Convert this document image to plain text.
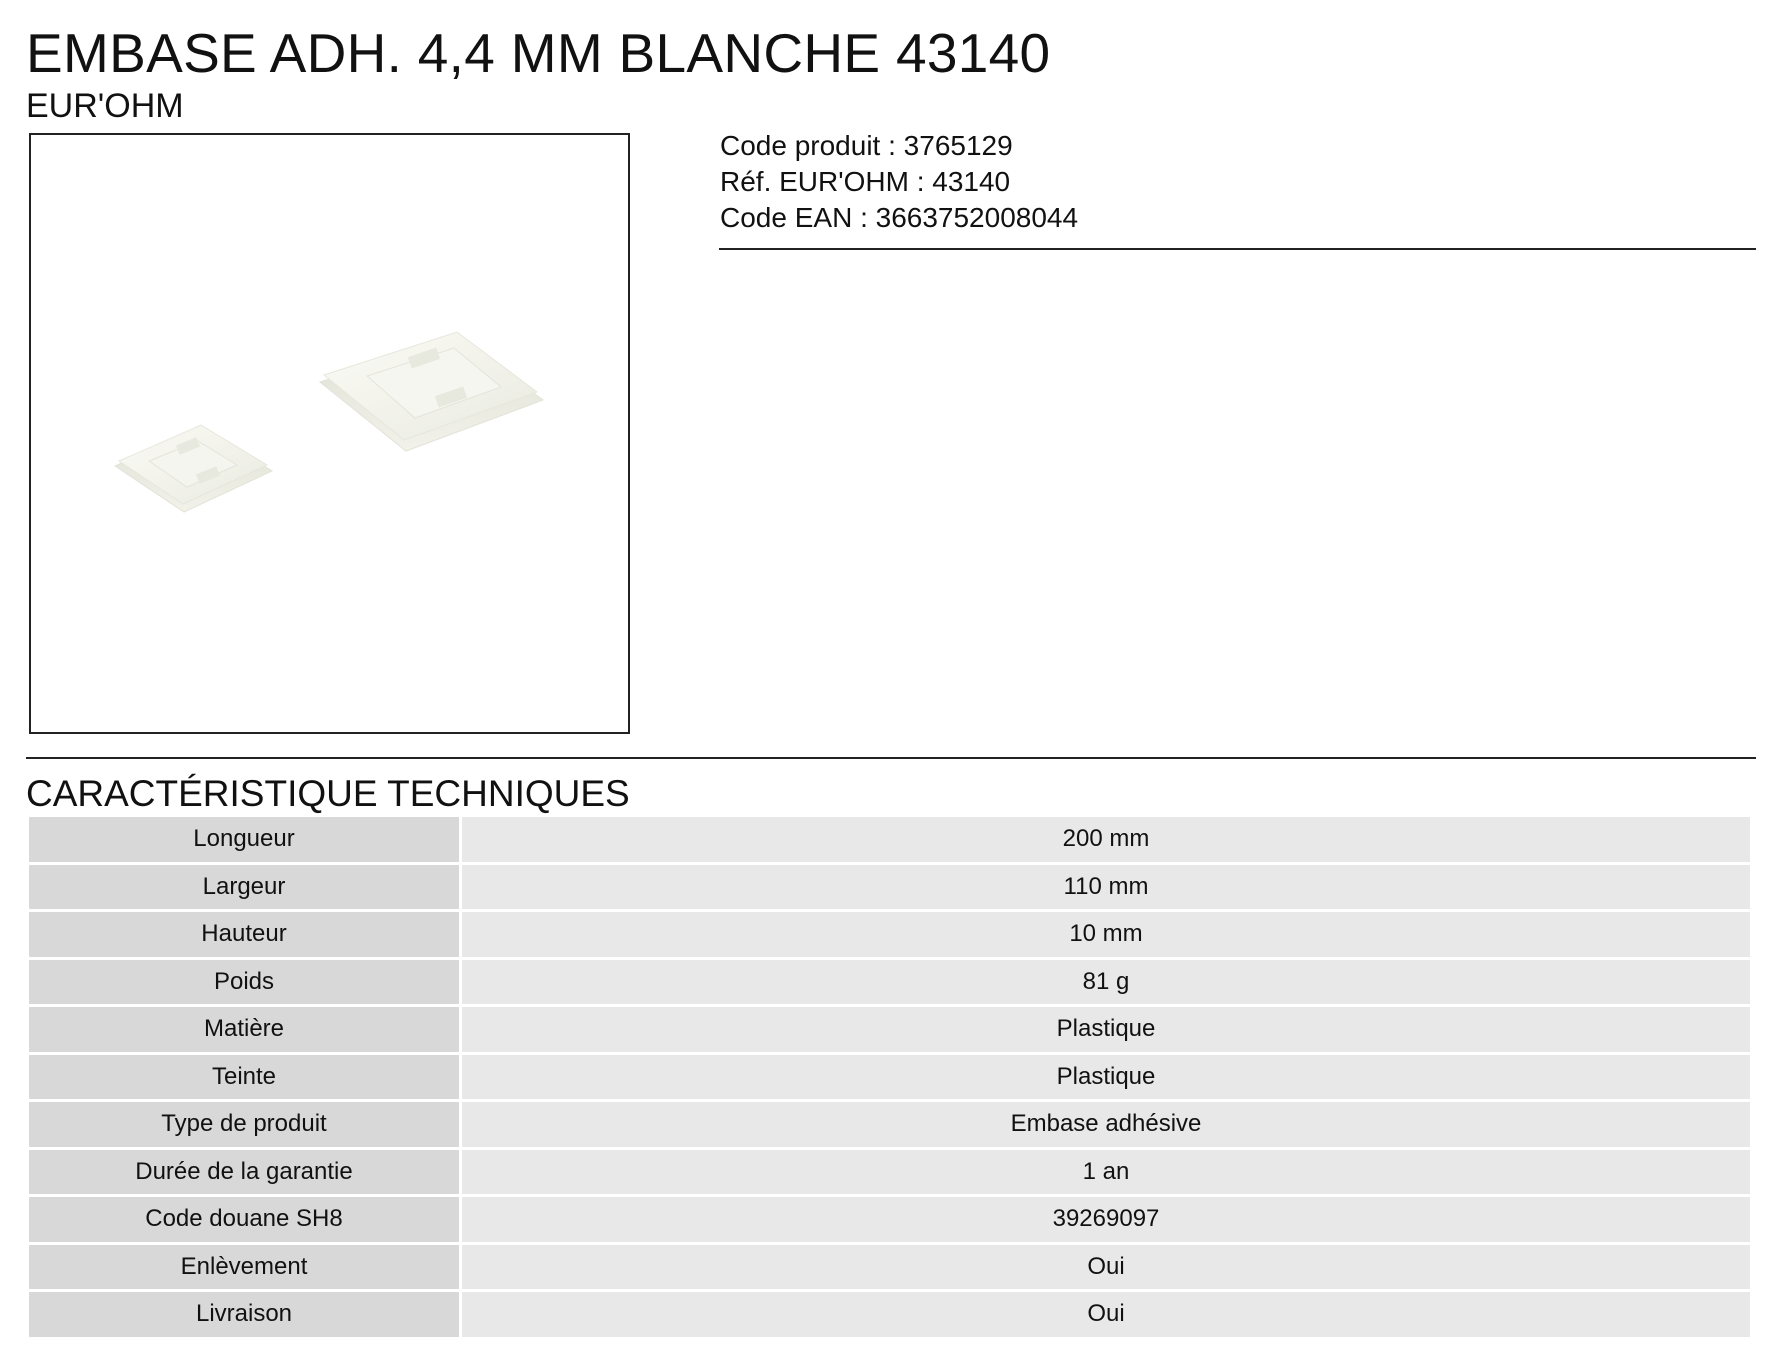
EMBASE ADH. 4,4 MM BLANCHE 43140
EUR'OHM
Code produit : 3765129
Réf. EUR'OHM : 43140
Code EAN : 3663752008044
CARACTÉRISTIQUE TECHNIQUES
Longueur	200 mm
Largeur	110 mm
Hauteur	10 mm
Poids	81 g
Matière	Plastique
Teinte	Plastique
Type de produit	Embase adhésive
Durée de la garantie	1 an
Code douane SH8	39269097
Enlèvement	Oui
Livraison	Oui
